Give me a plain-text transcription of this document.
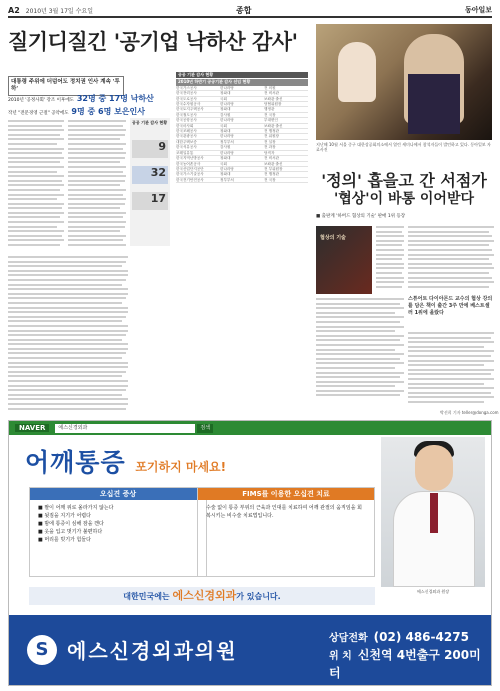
A2 2010년 3월 17일 수요일	종합	동아일보
질기디질긴 '공기업 낙하산 감사'
대통령 주위에 더덤어도 정치권 인사 계속 '투하'
2010년 '공정사회' 강조 이후에도 32명 중 17명 낙하산
작년 "전문경영 근절" 공약에도 9명 중 6명 보은인사
공공 기관 감사 현황
9
32
17
공공 기관 감사 현황
2010년 하반기 공공기관 감사 선임 현황
한국가스공사	한나라당	전 의원
한국전력공사	청와대	전 비서관
한국도로공사	국회	보좌관 출신
한국수자원공사	한나라당	당협위원장
한국토지주택공사	청와대	행정관
한국철도공사	감사원	전 국장
한국공항공사	한나라당	부대변인
한국마사회	국회	보좌관 출신
한국조폐공사	청와대	전 행정관
한국관광공사	한나라당	전 위원장
대한주택보증	정부부처	전 실장
한국석유공사	감사원	전 과장
코레일유통	한나라당	당직자
한국지역난방공사	청와대	전 비서관
한국농어촌공사	국회	보좌관 출신
한국산업단지공단	한나라당	전 부위원장
한국가스기술공사	청와대	전 행정관
한국전기안전공사	정부부처	전 국장
지난해 10월 서울 중구 대한상공회의소에서 열린 세미나에서 참석자들이 발언하고 있다. 동아일보 자료사진
'정의' 흡을고 간 서점가
'협상'이 바통 이어받다
■ 출판계 '하버드 협상의 기술' 판매 1위 등장
협상의 기술
스튜어트 다이아몬드 교수의 협상 강의를 담은 책이 출간 3주 만에 베스트셀러 1위에 올랐다
박선희 기자 teller@donga.com
NAVER	에스신경외과	검색
어깨통증 포기하지 마세요!
오십견 증상
■ 팔이 어깨 위로 올라가지 않는다
■ 뒷짐을 지기가 어렵다
■ 밤에 통증이 심해 잠을 깬다
■ 옷을 입고 벗기가 불편하다
■ 머리를 빗기가 힘들다
FIMS를 이용한 오십견 치료
수술 없이 통증 부위의 근육과 인대를 치료하여 어깨 관절의 움직임을 회복시키는 비수술 치료법입니다.
대한민국에는 에스신경외과가 있습니다.
에스신경외과 원장
S 에스신경외과의원
상담전화 (02) 486-4275
위 치 신천역 4번출구 200미터
